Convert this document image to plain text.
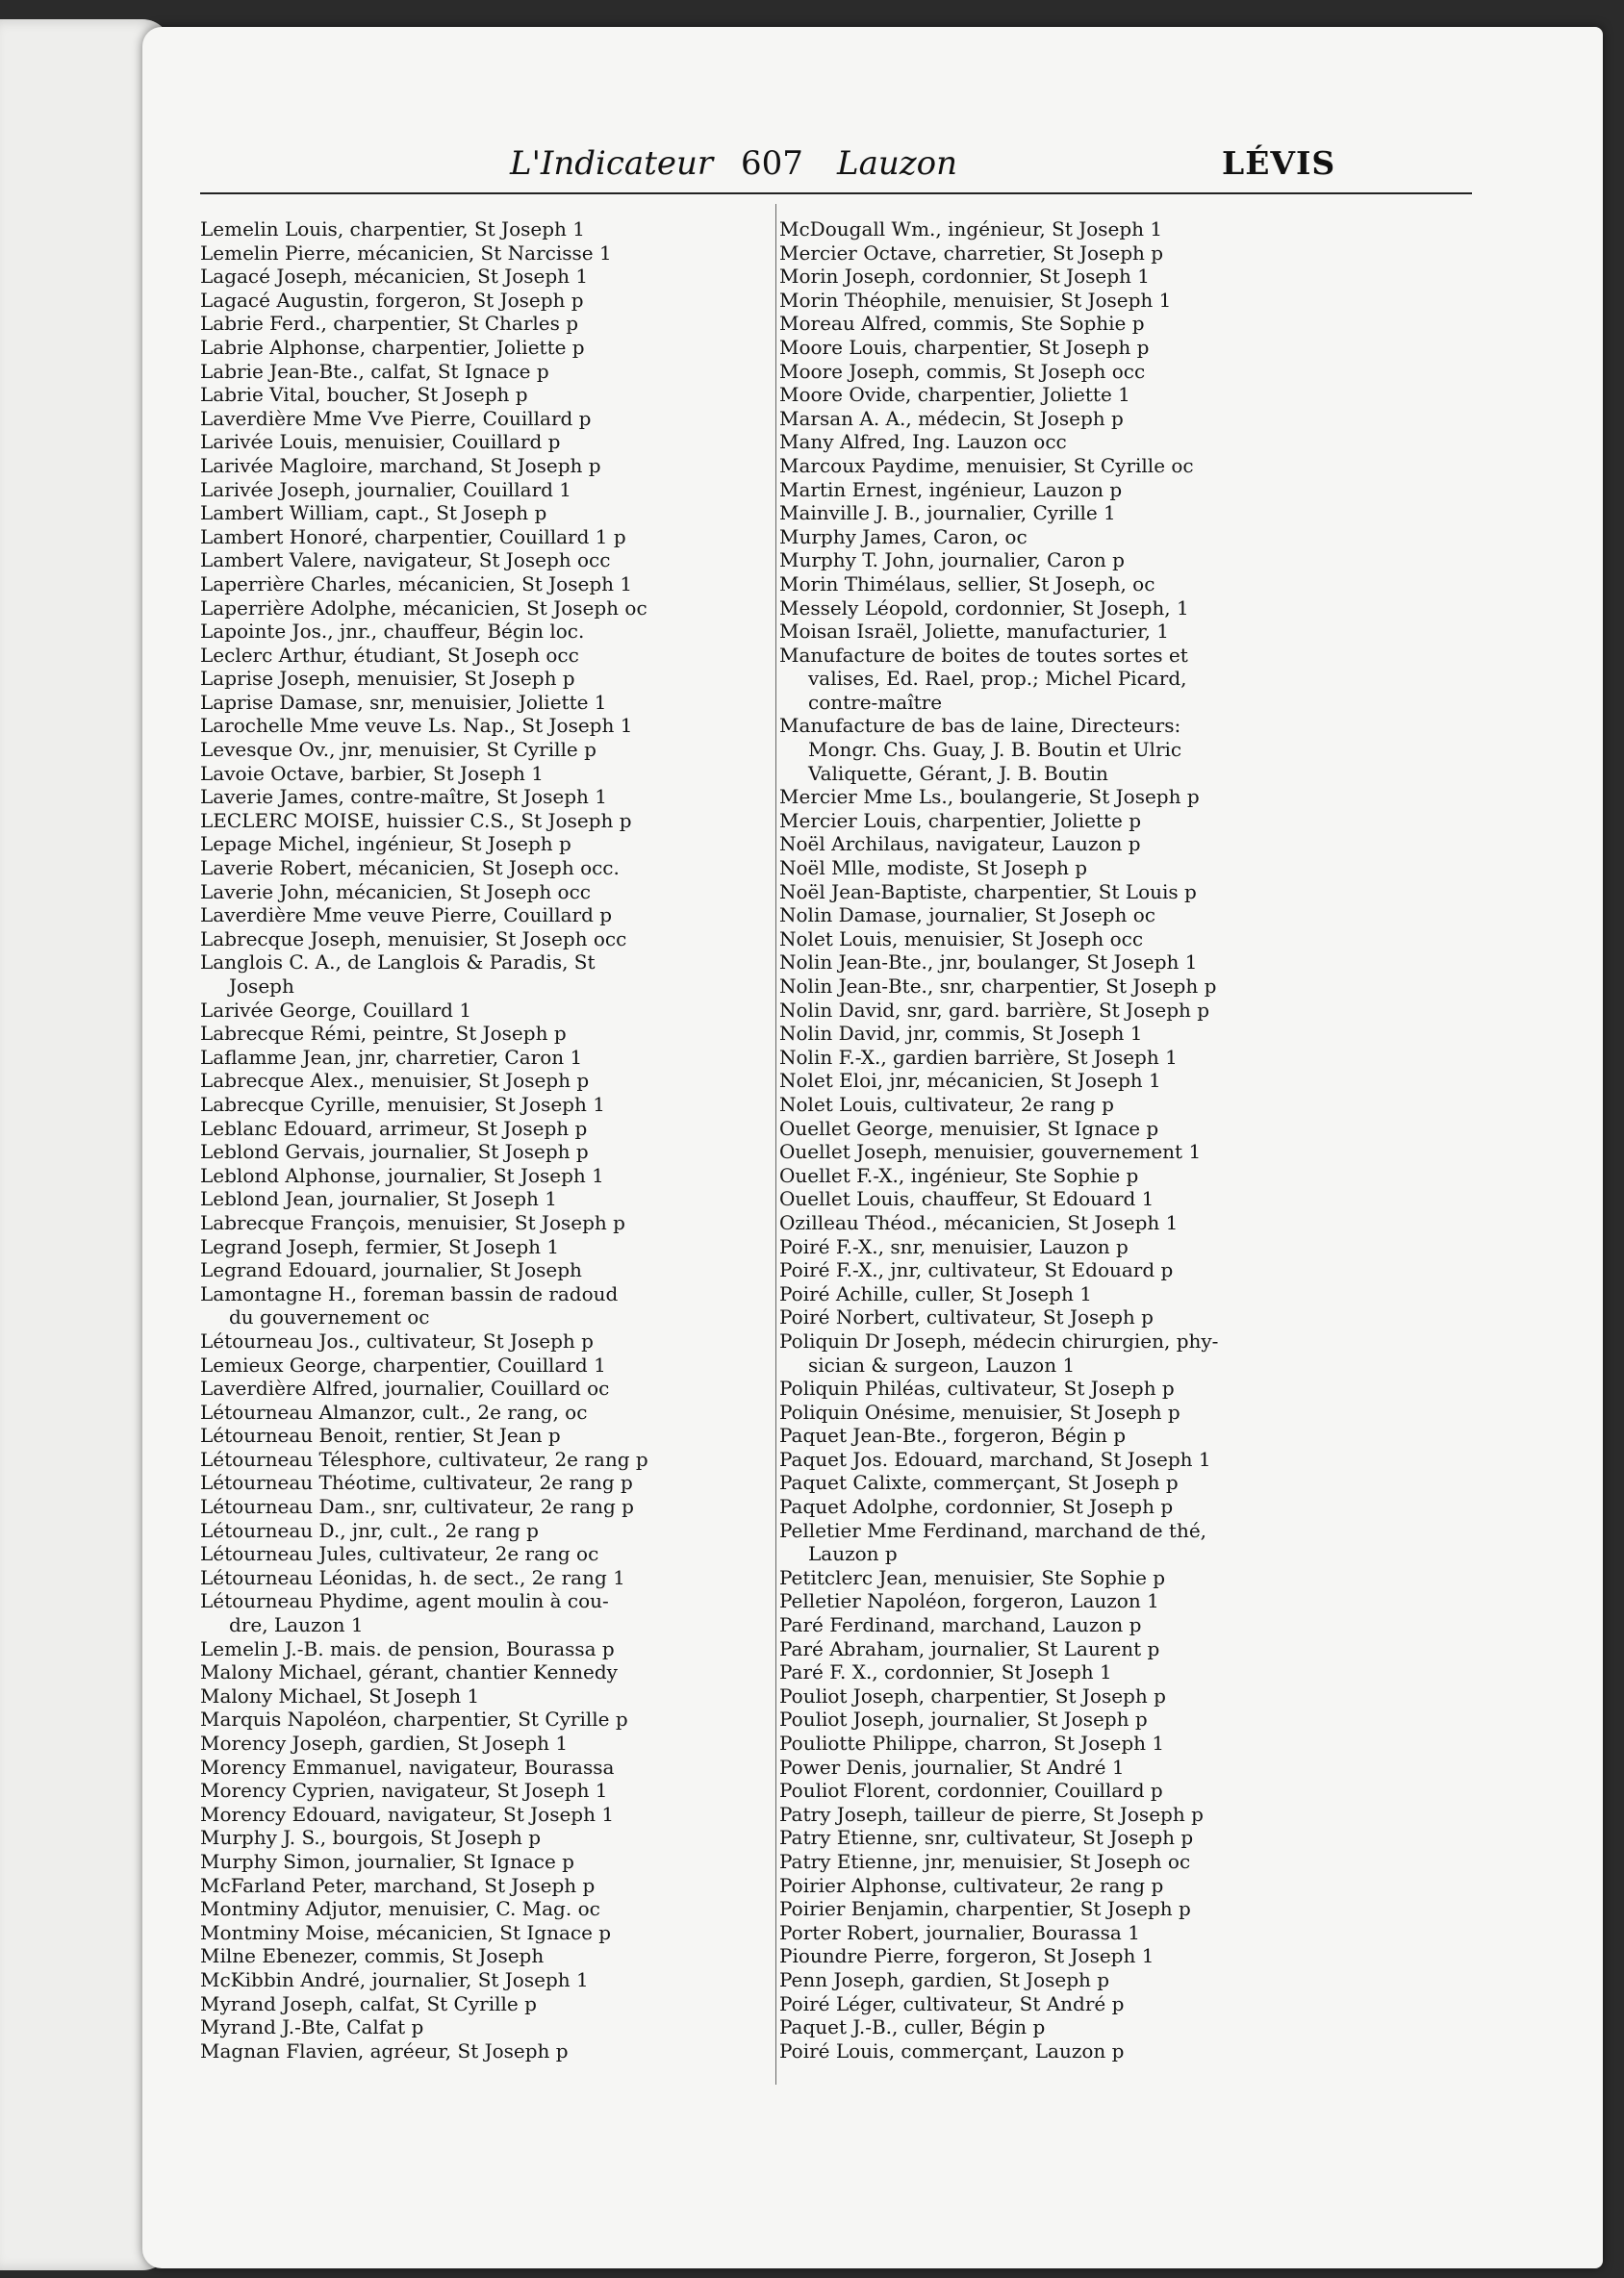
L'Indicateur 607 Lauzon	LÉVIS
Lemelin Louis, charpentier, St Joseph 1
Lemelin Pierre, mécanicien, St Narcisse 1
Lagacé Joseph, mécanicien, St Joseph 1
Lagacé Augustin, forgeron, St Joseph p
Labrie Ferd., charpentier, St Charles p
Labrie Alphonse, charpentier, Joliette p
Labrie Jean-Bte., calfat, St Ignace p
Labrie Vital, boucher, St Joseph p
Laverdière Mme Vve Pierre, Couillard p
Larivée Louis, menuisier, Couillard p
Larivée Magloire, marchand, St Joseph p
Larivée Joseph, journalier, Couillard 1
Lambert William, capt., St Joseph p
Lambert Honoré, charpentier, Couillard 1 p
Lambert Valere, navigateur, St Joseph occ
Laperrière Charles, mécanicien, St Joseph 1
Laperrière Adolphe, mécanicien, St Joseph oc
Lapointe Jos., jnr., chauffeur, Bégin loc.
Leclerc Arthur, étudiant, St Joseph occ
Laprise Joseph, menuisier, St Joseph p
Laprise Damase, snr, menuisier, Joliette 1
Larochelle Mme veuve Ls. Nap., St Joseph 1
Levesque Ov., jnr, menuisier, St Cyrille p
Lavoie Octave, barbier, St Joseph 1
Laverie James, contre-maître, St Joseph 1
LECLERC MOISE, huissier C.S., St Joseph p
Lepage Michel, ingénieur, St Joseph p
Laverie Robert, mécanicien, St Joseph occ.
Laverie John, mécanicien, St Joseph occ
Laverdière Mme veuve Pierre, Couillard p
Labrecque Joseph, menuisier, St Joseph occ
Langlois C. A., de Langlois & Paradis, St
Joseph
Larivée George, Couillard 1
Labrecque Rémi, peintre, St Joseph p
Laflamme Jean, jnr, charretier, Caron 1
Labrecque Alex., menuisier, St Joseph p
Labrecque Cyrille, menuisier, St Joseph 1
Leblanc Edouard, arrimeur, St Joseph p
Leblond Gervais, journalier, St Joseph p
Leblond Alphonse, journalier, St Joseph 1
Leblond Jean, journalier, St Joseph 1
Labrecque François, menuisier, St Joseph p
Legrand Joseph, fermier, St Joseph 1
Legrand Edouard, journalier, St Joseph
Lamontagne H., foreman bassin de radoud
du gouvernement oc
Létourneau Jos., cultivateur, St Joseph p
Lemieux George, charpentier, Couillard 1
Laverdière Alfred, journalier, Couillard oc
Létourneau Almanzor, cult., 2e rang, oc
Létourneau Benoit, rentier, St Jean p
Létourneau Télesphore, cultivateur, 2e rang p
Létourneau Théotime, cultivateur, 2e rang p
Létourneau Dam., snr, cultivateur, 2e rang p
Létourneau D., jnr, cult., 2e rang p
Létourneau Jules, cultivateur, 2e rang oc
Létourneau Léonidas, h. de sect., 2e rang 1
Létourneau Phydime, agent moulin à cou-
dre, Lauzon 1
Lemelin J.-B. mais. de pension, Bourassa p
Malony Michael, gérant, chantier Kennedy
Malony Michael, St Joseph 1
Marquis Napoléon, charpentier, St Cyrille p
Morency Joseph, gardien, St Joseph 1
Morency Emmanuel, navigateur, Bourassa
Morency Cyprien, navigateur, St Joseph 1
Morency Edouard, navigateur, St Joseph 1
Murphy J. S., bourgois, St Joseph p
Murphy Simon, journalier, St Ignace p
McFarland Peter, marchand, St Joseph p
Montminy Adjutor, menuisier, C. Mag. oc
Montminy Moise, mécanicien, St Ignace p
Milne Ebenezer, commis, St Joseph
McKibbin André, journalier, St Joseph 1
Myrand Joseph, calfat, St Cyrille p
Myrand J.-Bte, Calfat p
Magnan Flavien, agréeur, St Joseph p
McDougall Wm., ingénieur, St Joseph 1
Mercier Octave, charretier, St Joseph p
Morin Joseph, cordonnier, St Joseph 1
Morin Théophile, menuisier, St Joseph 1
Moreau Alfred, commis, Ste Sophie p
Moore Louis, charpentier, St Joseph p
Moore Joseph, commis, St Joseph occ
Moore Ovide, charpentier, Joliette 1
Marsan A. A., médecin, St Joseph p
Many Alfred, Ing. Lauzon occ
Marcoux Paydime, menuisier, St Cyrille oc
Martin Ernest, ingénieur, Lauzon p
Mainville J. B., journalier, Cyrille 1
Murphy James, Caron, oc
Murphy T. John, journalier, Caron p
Morin Thimélaus, sellier, St Joseph, oc
Messely Léopold, cordonnier, St Joseph, 1
Moisan Israël, Joliette, manufacturier, 1
Manufacture de boites de toutes sortes et
valises, Ed. Rael, prop.; Michel Picard,
contre-maître
Manufacture de bas de laine, Directeurs:
Mongr. Chs. Guay, J. B. Boutin et Ulric
Valiquette, Gérant, J. B. Boutin
Mercier Mme Ls., boulangerie, St Joseph p
Mercier Louis, charpentier, Joliette p
Noël Archilaus, navigateur, Lauzon p
Noël Mlle, modiste, St Joseph p
Noël Jean-Baptiste, charpentier, St Louis p
Nolin Damase, journalier, St Joseph oc
Nolet Louis, menuisier, St Joseph occ
Nolin Jean-Bte., jnr, boulanger, St Joseph 1
Nolin Jean-Bte., snr, charpentier, St Joseph p
Nolin David, snr, gard. barrière, St Joseph p
Nolin David, jnr, commis, St Joseph 1
Nolin F.-X., gardien barrière, St Joseph 1
Nolet Eloi, jnr, mécanicien, St Joseph 1
Nolet Louis, cultivateur, 2e rang p
Ouellet George, menuisier, St Ignace p
Ouellet Joseph, menuisier, gouvernement 1
Ouellet F.-X., ingénieur, Ste Sophie p
Ouellet Louis, chauffeur, St Edouard 1
Ozilleau Théod., mécanicien, St Joseph 1
Poiré F.-X., snr, menuisier, Lauzon p
Poiré F.-X., jnr, cultivateur, St Edouard p
Poiré Achille, culler, St Joseph 1
Poiré Norbert, cultivateur, St Joseph p
Poliquin Dr Joseph, médecin chirurgien, phy-
sician & surgeon, Lauzon 1
Poliquin Philéas, cultivateur, St Joseph p
Poliquin Onésime, menuisier, St Joseph p
Paquet Jean-Bte., forgeron, Bégin p
Paquet Jos. Edouard, marchand, St Joseph 1
Paquet Calixte, commerçant, St Joseph p
Paquet Adolphe, cordonnier, St Joseph p
Pelletier Mme Ferdinand, marchand de thé,
Lauzon p
Petitclerc Jean, menuisier, Ste Sophie p
Pelletier Napoléon, forgeron, Lauzon 1
Paré Ferdinand, marchand, Lauzon p
Paré Abraham, journalier, St Laurent p
Paré F. X., cordonnier, St Joseph 1
Pouliot Joseph, charpentier, St Joseph p
Pouliot Joseph, journalier, St Joseph p
Pouliotte Philippe, charron, St Joseph 1
Power Denis, journalier, St André 1
Pouliot Florent, cordonnier, Couillard p
Patry Joseph, tailleur de pierre, St Joseph p
Patry Etienne, snr, cultivateur, St Joseph p
Patry Etienne, jnr, menuisier, St Joseph oc
Poirier Alphonse, cultivateur, 2e rang p
Poirier Benjamin, charpentier, St Joseph p
Porter Robert, journalier, Bourassa 1
Pioundre Pierre, forgeron, St Joseph 1
Penn Joseph, gardien, St Joseph p
Poiré Léger, cultivateur, St André p
Paquet J.-B., culler, Bégin p
Poiré Louis, commerçant, Lauzon p
